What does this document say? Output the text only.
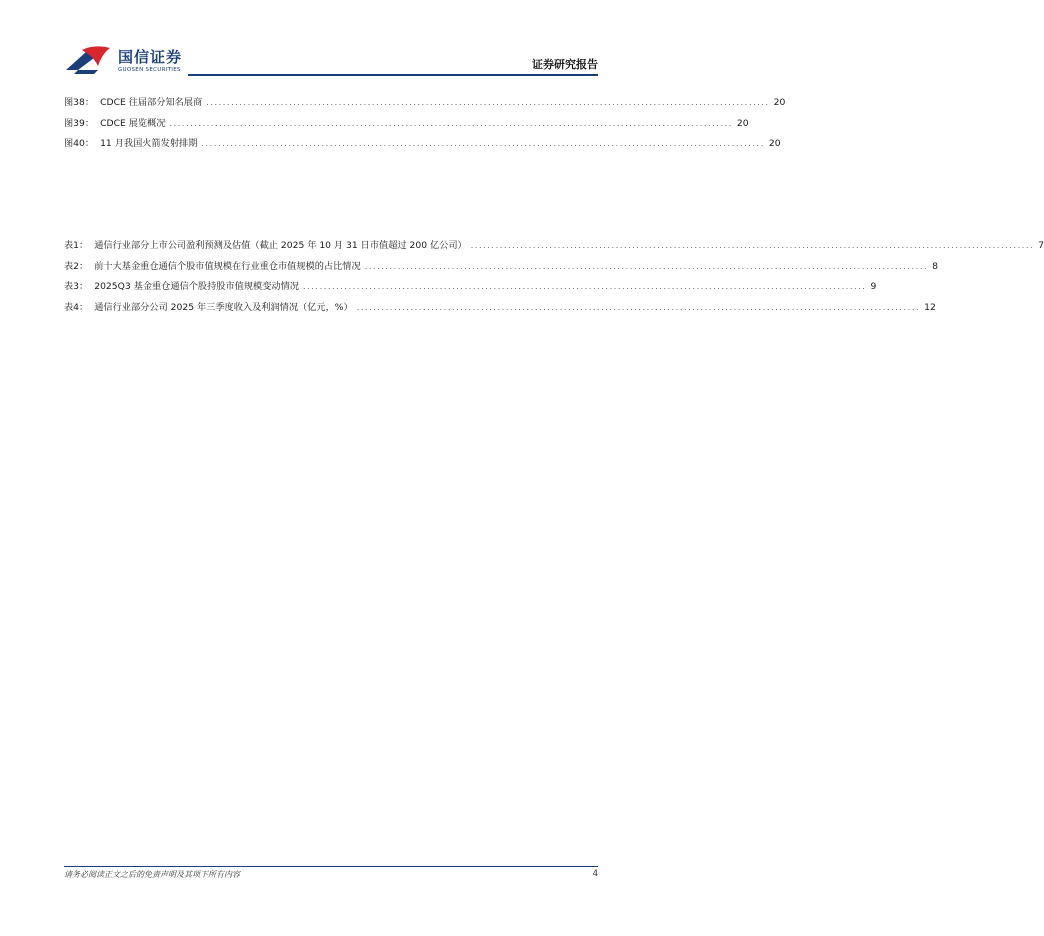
国信证券
GUOSEN SECURITIES	证券研究报告
图38： CDCE 往届部分知名展商 ........................................................................................................................................ 20
图39： CDCE 展览概况 ........................................................................................................................................ 20
图40： 11 月我国火箭发射排期 ........................................................................................................................................ 20
表1： 通信行业部分上市公司盈利预测及估值（截止 2025 年 10 月 31 日市值超过 200 亿公司） ........................................................................................................................................ 7
表2： 前十大基金重仓通信个股市值规模在行业重仓市值规模的占比情况 ........................................................................................................................................ 8
表3： 2025Q3 基金重仓通信个股持股市值规模变动情况 ........................................................................................................................................ 9
表4： 通信行业部分公司 2025 年三季度收入及利润情况（亿元，%） ........................................................................................................................................ 12
请务必阅读正文之后的免责声明及其项下所有内容	4
